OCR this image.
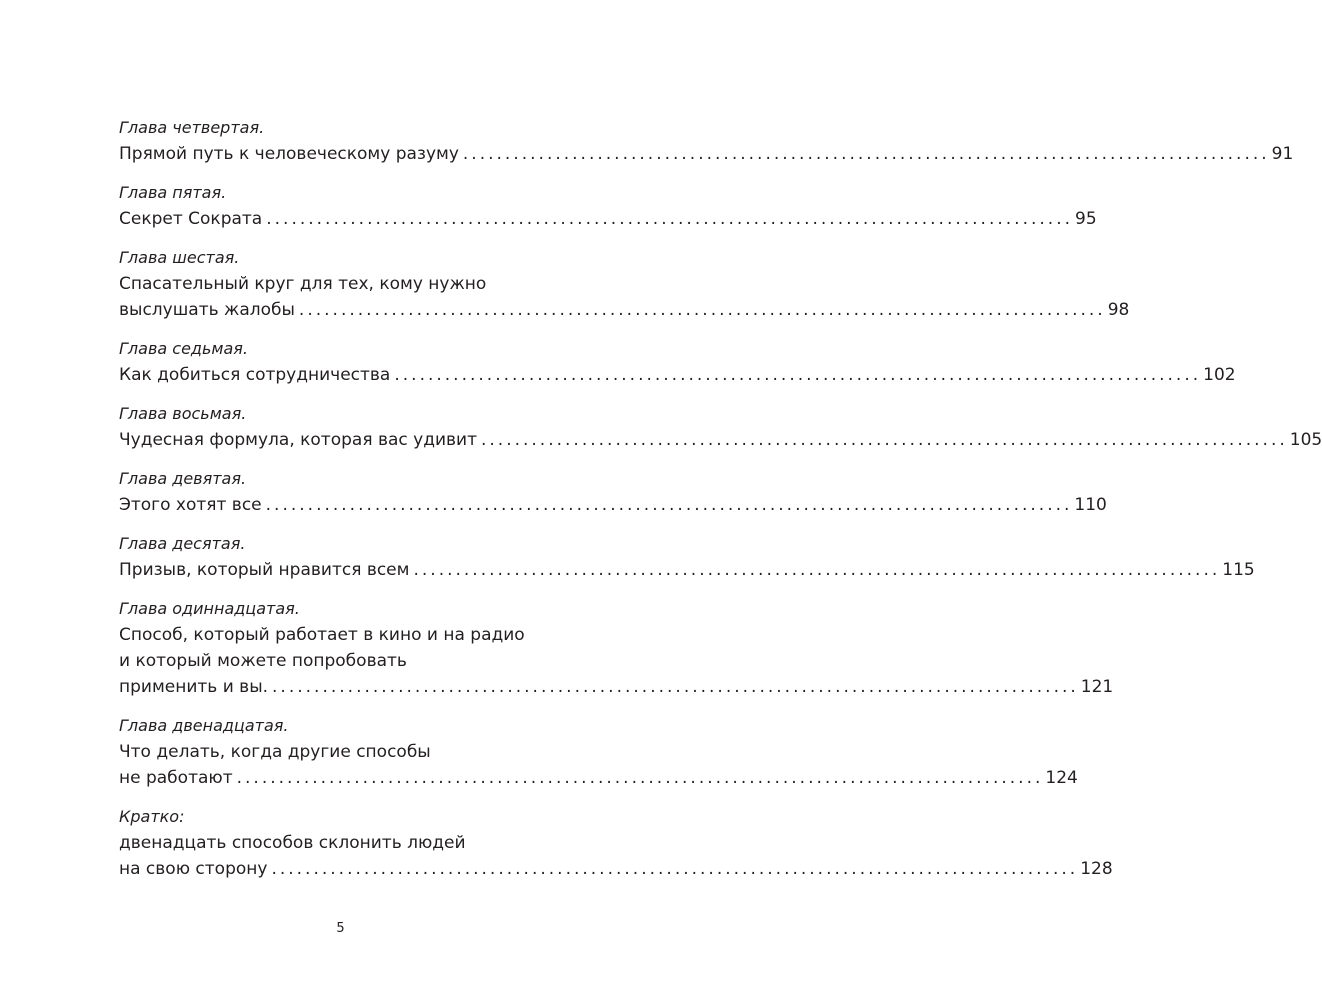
Глава четвертая.
Прямой путь к человеческому разуму ................................................................................................ 91
Глава пятая.
Секрет Сократа ................................................................................................ 95
Глава шестая.
Спасательный круг для тех, кому нужно
выслушать жалобы ................................................................................................ 98
Глава седьмая.
Как добиться сотрудничества ................................................................................................ 102
Глава восьмая.
Чудесная формула, которая вас удивит ................................................................................................ 105
Глава девятая.
Этого хотят все ................................................................................................ 110
Глава десятая.
Призыв, который нравится всем ................................................................................................ 115
Глава одиннадцатая.
Способ, который работает в кино и на радио
и который можете попробовать
применить и вы. ................................................................................................ 121
Глава двенадцатая.
Что делать, когда другие способы
не работают ................................................................................................ 124
Кратко:
двенадцать способов склонить людей
на свою сторону ................................................................................................ 128
5
